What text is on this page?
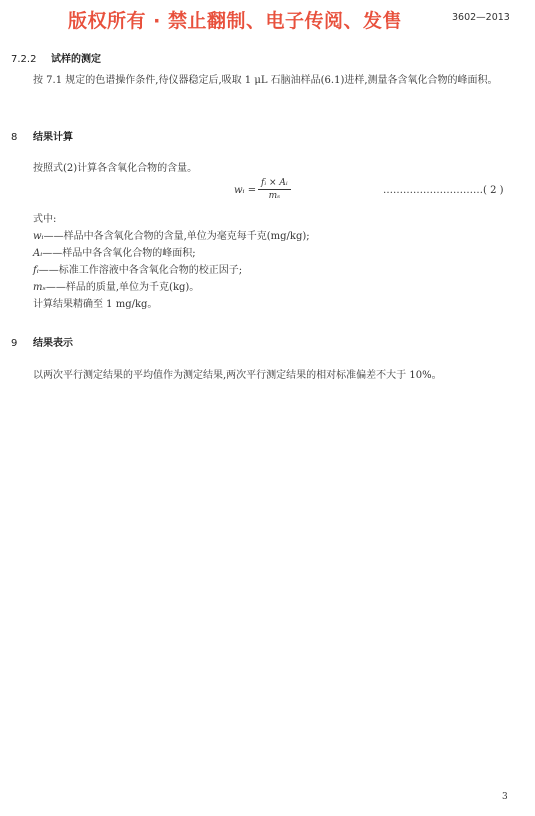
版权所有 · 禁止翻制、电子传阅、发售	3602—2013
7.2.2 试样的测定
按 7.1 规定的色谱操作条件,待仪器稳定后,吸取 1 μL 石脑油样品(6.1)进样,测量各含氧化合物的峰面积。
8 结果计算
按照式(2)计算各含氧化合物的含量。
wᵢ = $\frac{\text{fᵢ × Aᵢ}}{\text{mₛ}}$	…………………………( 2 )
式中:
wᵢ——样品中各含氧化合物的含量,单位为毫克每千克(mg/kg);
Aᵢ——样品中各含氧化合物的峰面积;
fᵢ——标准工作溶液中各含氧化合物的校正因子;
mₛ——样品的质量,单位为千克(kg)。
计算结果精确至 1 mg/kg。
9 结果表示
以两次平行测定结果的平均值作为测定结果,两次平行测定结果的相对标准偏差不大于 10%。
3
